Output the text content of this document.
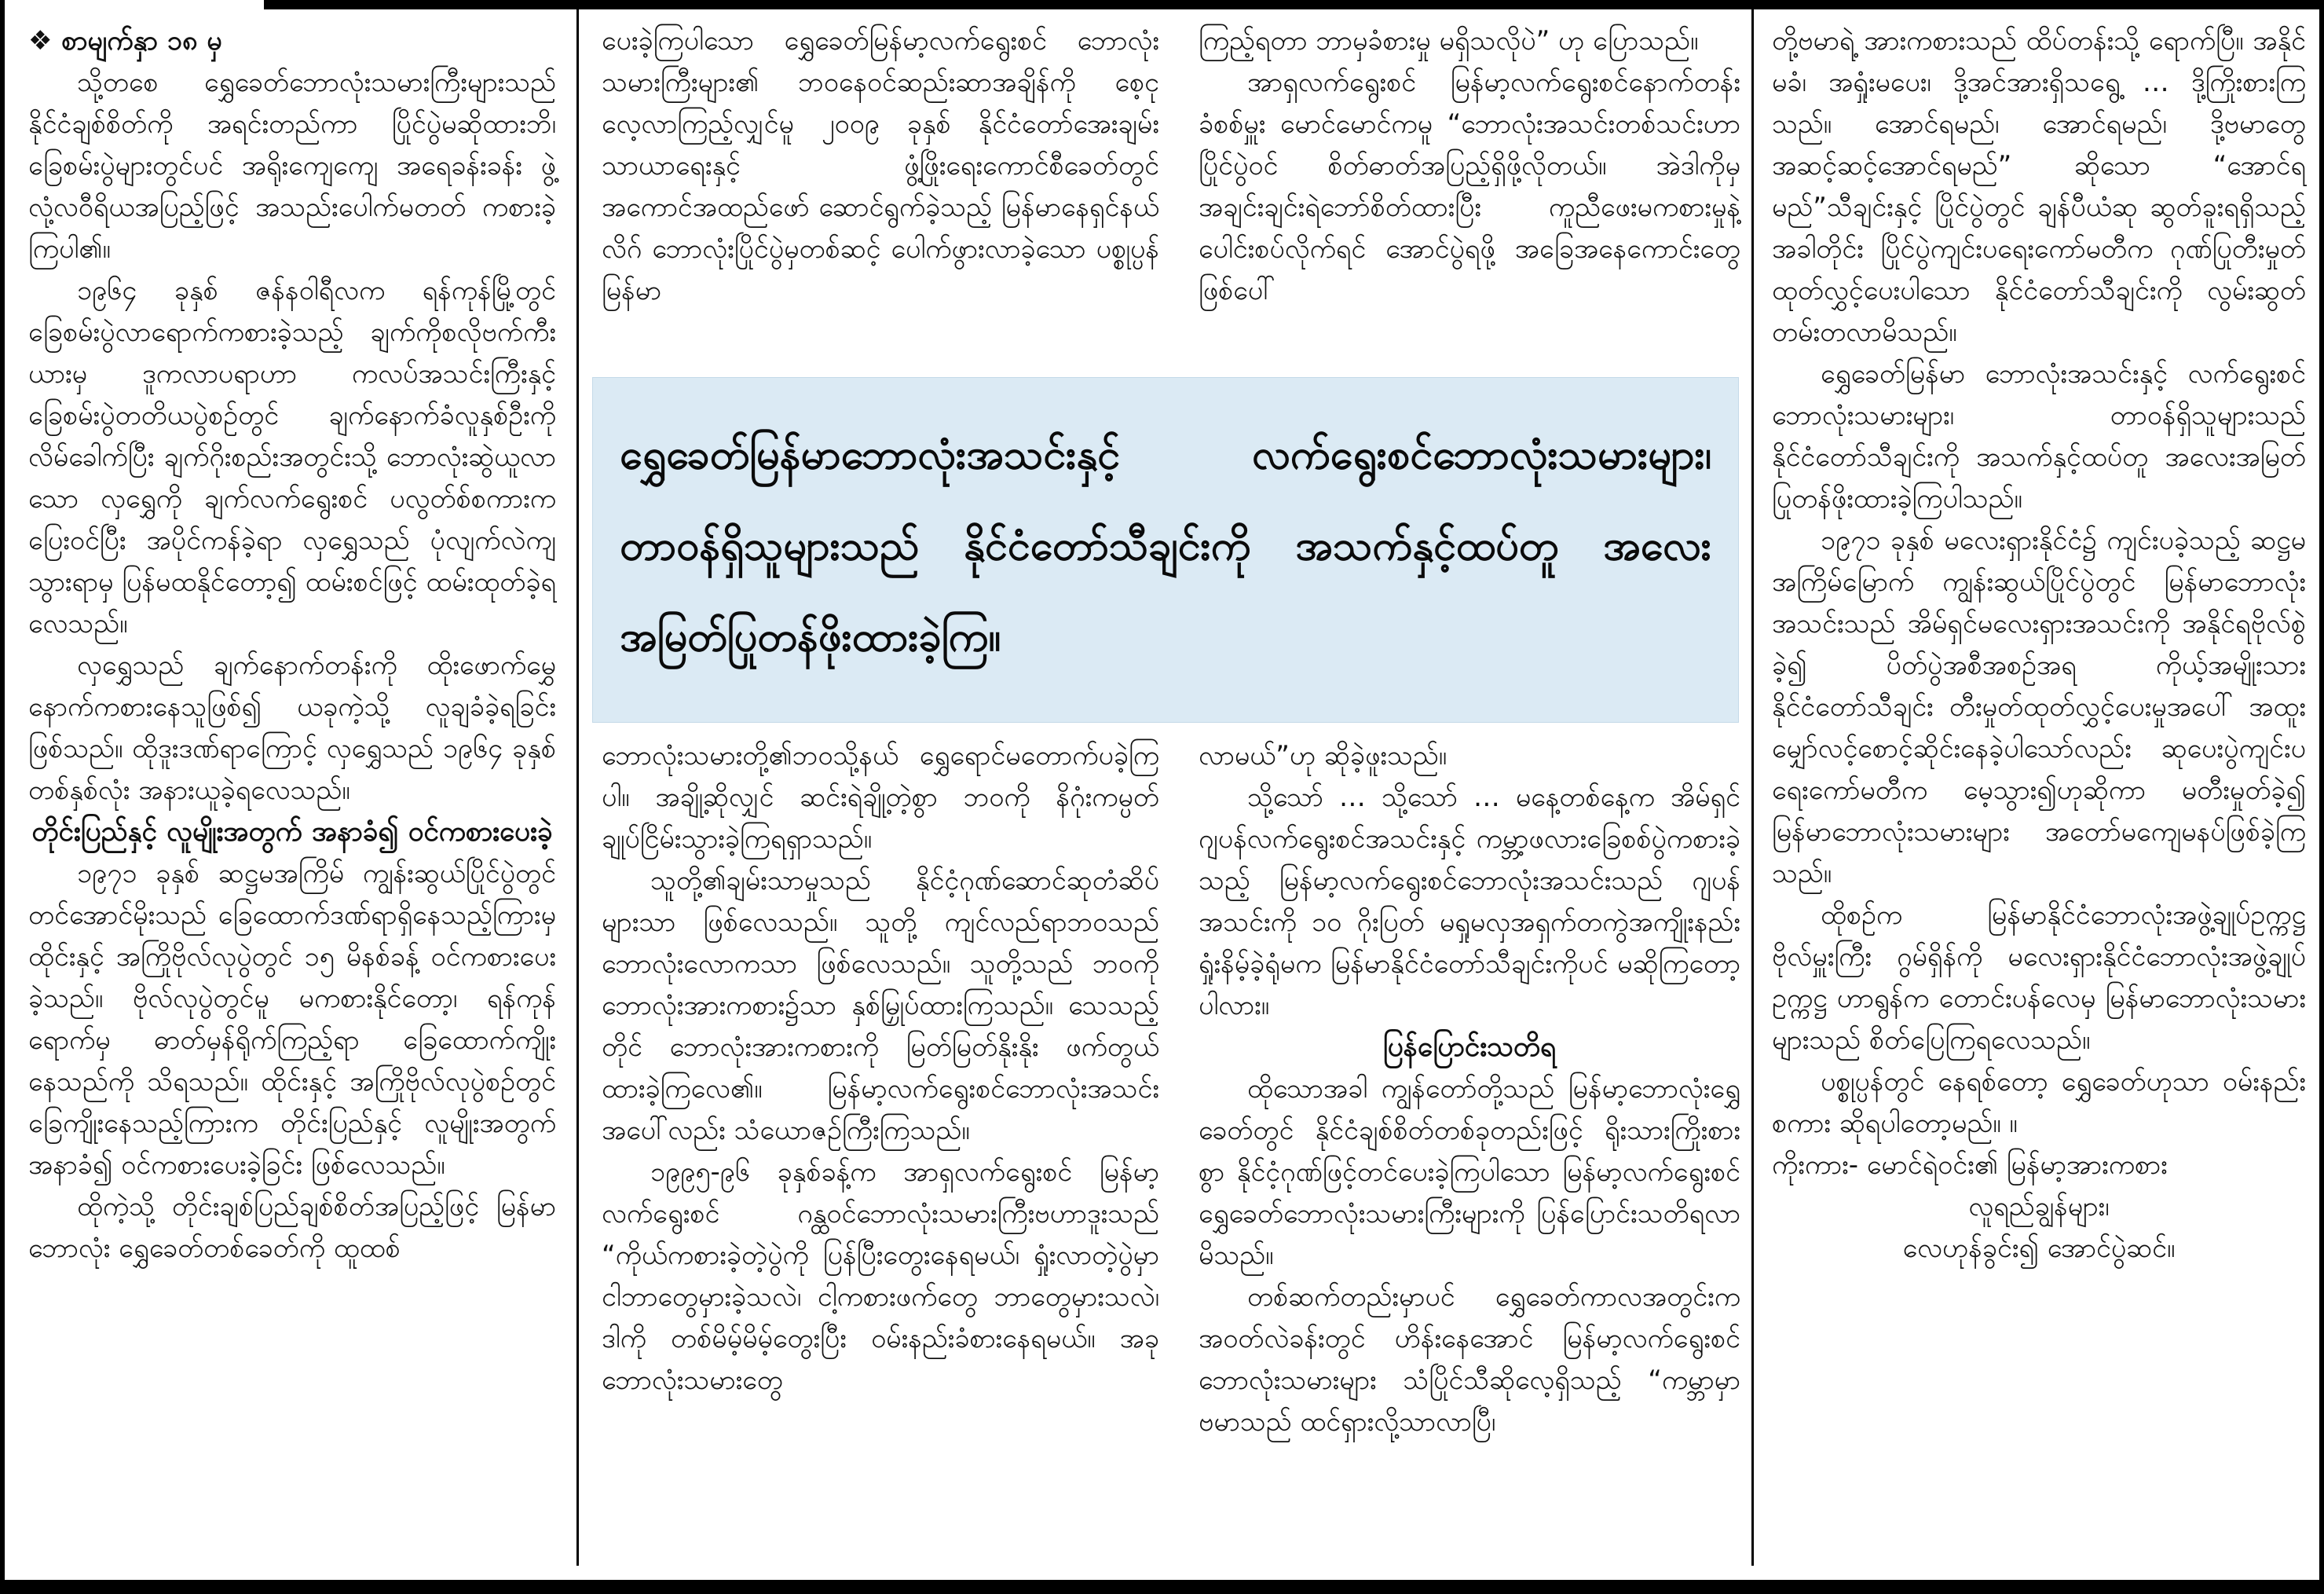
❖ စာမျက်နှာ ၁၈ မှ

သို့တစေ ရွှေခေတ်ဘောလုံးသမားကြီးများသည် နိုင်ငံချစ်စိတ်ကို အရင်းတည်ကာ ပြိုင်ပွဲမဆိုထားဘိ၊ ခြေစမ်းပွဲများတွင်ပင် အရိုးကျေကျေ အရေခန်းခန်း ဖွဲ့လုံ့လဝီရိယအပြည့်ဖြင့် အသည်းပေါက်မတတ် ကစားခဲ့ကြပါ၏။

၁၉၆၄ ခုနှစ် ဇန်နဝါရီလက ရန်ကုန်မြို့တွင် ခြေစမ်းပွဲလာရောက်ကစားခဲ့သည့် ချက်ကိုစလိုဗက်ကီးယားမှ ဒူကလာပရာဟာ ကလပ်အသင်းကြီးနှင့် ခြေစမ်းပွဲတတိယပွဲစဉ်တွင် ချက်နောက်ခံလူနှစ်ဦးကို လိမ်ခေါက်ပြီး ချက်ဂိုးစည်းအတွင်းသို့ ဘောလုံးဆွဲယူလာသော လှရွှေကို ချက်လက်ရွေးစင် ပလွတ်စ်စကားက ပြေးဝင်ပြီး အပိုင်ကန်ခဲ့ရာ လှရွှေသည် ပုံလျက်လဲကျသွားရာမှ ပြန်မထနိုင်တော့၍ ထမ်းစင်ဖြင့် ထမ်းထုတ်ခဲ့ရလေသည်။

လှရွှေသည် ချက်နောက်တန်းကို ထိုးဖောက်မွှေနောက်ကစားနေသူဖြစ်၍ ယခုကဲ့သို့ လူချခံခဲ့ရခြင်းဖြစ်သည်။ ထိုဒူးဒဏ်ရာကြောင့် လှရွှေသည် ၁၉၆၄ ခုနှစ်တစ်နှစ်လုံး အနားယူခဲ့ရလေသည်။

တိုင်းပြည်နှင့် လူမျိုးအတွက် အနာခံ၍ ဝင်ကစားပေးခဲ့

၁၉၇၁ ခုနှစ် ဆဋ္ဌမအကြိမ် ကျွန်းဆွယ်ပြိုင်ပွဲတွင် တင်အောင်မိုးသည် ခြေထောက်ဒဏ်ရာရှိနေသည့်ကြားမှ ထိုင်းနှင့် အကြိုဗိုလ်လုပွဲတွင် ၁၅ မိနစ်ခန့် ဝင်ကစားပေးခဲ့သည်။ ဗိုလ်လုပွဲတွင်မူ မကစားနိုင်တော့၊ ရန်ကုန်ရောက်မှ ဓာတ်မှန်ရိုက်ကြည့်ရာ ခြေထောက်ကျိုးနေသည်ကို သိရသည်။ ထိုင်းနှင့် အကြိုဗိုလ်လုပွဲစဉ်တွင် ခြေကျိုးနေသည့်ကြားက တိုင်းပြည်နှင့် လူမျိုးအတွက် အနာခံ၍ ဝင်ကစားပေးခဲ့ခြင်း ဖြစ်လေသည်။

ထိုကဲ့သို့ တိုင်းချစ်ပြည်ချစ်စိတ်အပြည့်ဖြင့် မြန်မာဘောလုံး ရွှေခေတ်တစ်ခေတ်ကို ထူထစ်

ပေးခဲ့ကြပါသော ရွှေခေတ်မြန်မာ့လက်ရွေးစင် ဘောလုံးသမားကြီးများ၏ ဘဝနေဝင်ဆည်းဆာအချိန်ကို စေ့ငုလေ့လာကြည့်လျှင်မူ ၂၀၀၉ ခုနှစ် နိုင်ငံတော်အေးချမ်းသာယာရေးနှင့် ဖွံ့ဖြိုးရေးကောင်စီခေတ်တွင် အကောင်အထည်ဖော် ဆောင်ရွက်ခဲ့သည့် မြန်မာနေရှင်နယ်လိဂ် ဘောလုံးပြိုင်ပွဲမှတစ်ဆင့် ပေါက်ဖွားလာခဲ့သော ပစ္စုပ္ပန်မြန်မာ

ကြည့်ရတာ ဘာမှခံစားမှု မရှိသလိုပဲ” ဟု ပြောသည်။

အာရှလက်ရွေးစင် မြန်မာ့လက်ရွေးစင်နောက်တန်းခံစစ်မှူး မောင်မောင်ကမူ “ဘောလုံးအသင်းတစ်သင်းဟာ ပြိုင်ပွဲဝင် စိတ်ဓာတ်အပြည့်ရှိဖို့လိုတယ်။ အဲဒါကိုမှ အချင်းချင်းရဲဘော်စိတ်ထားပြီး ကူညီဖေးမကစားမှုနဲ့ ပေါင်းစပ်လိုက်ရင် အောင်ပွဲရဖို့ အခြေအနေကောင်းတွေ ဖြစ်ပေါ်

ရွှေခေတ်မြန်မာဘောလုံးအသင်းနှင့် လက်ရွေးစင်ဘောလုံးသမားများ၊ တာဝန်ရှိသူများသည် နိုင်ငံတော်သီချင်းကို အသက်နှင့်ထပ်တူ အလေးအမြတ်ပြုတန်ဖိုးထားခဲ့ကြ။

ဘောလုံးသမားတို့၏ဘဝသို့နယ် ရွှေရောင်မတောက်ပခဲ့ကြပါ။ အချို့ဆိုလျှင် ဆင်းရဲချို့တဲ့စွာ ဘဝကို နိဂုံးကမ္ပတ်ချုပ်ငြိမ်းသွားခဲ့ကြရရှာသည်။

သူတို့၏ချမ်းသာမှုသည် နိုင်ငံ့ဂုဏ်ဆောင်ဆုတံဆိပ်များသာ ဖြစ်လေသည်။ သူတို့ ကျင်လည်ရာဘဝသည် ဘောလုံးလောကသာ ဖြစ်လေသည်။ သူတို့သည် ဘဝကို ဘောလုံးအားကစား၌သာ နှစ်မြှုပ်ထားကြသည်။ သေသည့်တိုင် ဘောလုံးအားကစားကို မြတ်မြတ်နိုးနိုး ဖက်တွယ်ထားခဲ့ကြလေ၏။ မြန်မာ့လက်ရွေးစင်ဘောလုံးအသင်းအပေါ်လည်း သံယောဇဉ်ကြီးကြသည်။

၁၉၉၅-၉၆ ခုနှစ်ခန့်က အာရှလက်ရွေးစင် မြန်မာ့လက်ရွေးစင် ဂန္ထဝင်ဘောလုံးသမားကြီးဗဟာဒူးသည် “ကိုယ်ကစားခဲ့တဲ့ပွဲကို ပြန်ပြီးတွေးနေရမယ်၊ ရှုံးလာတဲ့ပွဲမှာ ငါဘာတွေမှားခဲ့သလဲ၊ ငါ့ကစားဖက်တွေ ဘာတွေမှားသလဲ၊ ဒါကို တစ်မိမ့်မိမ့်တွေးပြီး ဝမ်းနည်းခံစားနေရမယ်။ အခုဘောလုံးသမားတွေ

လာမယ်”ဟု ဆိုခဲ့ဖူးသည်။

သို့သော် … သို့သော် … မနေ့တစ်နေ့က အိမ်ရှင်ဂျပန်လက်ရွေးစင်အသင်းနှင့် ကမ္ဘာ့ဖလားခြေစစ်ပွဲကစားခဲ့သည့် မြန်မာ့လက်ရွေးစင်ဘောလုံးအသင်းသည် ဂျပန်အသင်းကို ၁၀ ဂိုးပြတ် မရှုမလှအရှက်တကွဲအကျိုးနည်း ရှုံးနိမ့်ခဲ့ရုံမက မြန်မာနိုင်ငံတော်သီချင်းကိုပင် မဆိုကြတော့ပါလား။

ပြန်ပြောင်းသတိရ

ထိုသောအခါ ကျွန်တော်တို့သည် မြန်မာ့ဘောလုံးရွှေခေတ်တွင် နိုင်ငံချစ်စိတ်တစ်ခုတည်းဖြင့် ရိုးသားကြိုးစားစွာ နိုင်ငံ့ဂုဏ်ဖြင့်တင်ပေးခဲ့ကြပါသော မြန်မာ့လက်ရွေးစင် ရွှေခေတ်ဘောလုံးသမားကြီးများကို ပြန်ပြောင်းသတိရလာမိသည်။

တစ်ဆက်တည်းမှာပင် ရွှေခေတ်ကာလအတွင်းက အဝတ်လဲခန်းတွင် ဟိန်းနေအောင် မြန်မာ့လက်ရွေးစင်ဘောလုံးသမားများ သံပြိုင်သီဆိုလေ့ရှိသည့် “ကမ္ဘာမှာ ဗမာသည် ထင်ရှားလို့သာလာပြီ၊

တို့ဗမာရဲ့ အားကစားသည် ထိပ်တန်းသို့ ရောက်ပြီ။ အနိုင်မခံ၊ အရှုံးမပေး၊ ဒို့အင်အားရှိသရွေ့ … ဒို့ကြိုးစားကြသည်။ အောင်ရမည်၊ အောင်ရမည်၊ ဒို့ဗမာတွေ အဆင့်ဆင့်အောင်ရမည်” ဆိုသော “အောင်ရမည်”သီချင်းနှင့် ပြိုင်ပွဲတွင် ချန်ပီယံဆု ဆွတ်ခူးရရှိသည့်အခါတိုင်း ပြိုင်ပွဲကျင်းပရေးကော်မတီက ဂုဏ်ပြုတီးမှုတ်ထုတ်လွှင့်ပေးပါသော နိုင်ငံတော်သီချင်းကို လွမ်းဆွတ်တမ်းတလာမိသည်။

ရွှေခေတ်မြန်မာ ဘောလုံးအသင်းနှင့် လက်ရွေးစင်ဘောလုံးသမားများ၊ တာဝန်ရှိသူများသည် နိုင်ငံတော်သီချင်းကို အသက်နှင့်ထပ်တူ အလေးအမြတ်ပြုတန်ဖိုးထားခဲ့ကြပါသည်။

၁၉၇၁ ခုနှစ် မလေးရှားနိုင်ငံ၌ ကျင်းပခဲ့သည့် ဆဋ္ဌမအကြိမ်မြောက် ကျွန်းဆွယ်ပြိုင်ပွဲတွင် မြန်မာဘောလုံးအသင်းသည် အိမ်ရှင်မလေးရှားအသင်းကို အနိုင်ရဗိုလ်စွဲခဲ့၍ ပိတ်ပွဲအစီအစဉ်အရ ကိုယ့်အမျိုးသားနိုင်ငံတော်သီချင်း တီးမှုတ်ထုတ်လွှင့်ပေးမှုအပေါ် အထူးမျှော်လင့်စောင့်ဆိုင်းနေခဲ့ပါသော်လည်း ဆုပေးပွဲကျင်းပရေးကော်မတီက မေ့သွား၍ဟုဆိုကာ မတီးမှုတ်ခဲ့၍ မြန်မာဘောလုံးသမားများ အတော်မကျေမနပ်ဖြစ်ခဲ့ကြသည်။

ထိုစဉ်က မြန်မာနိုင်ငံဘောလုံးအဖွဲ့ချုပ်ဥက္ကဋ္ဌ ဗိုလ်မှူးကြီး ဂွမ်ရှိန်ကို မလေးရှားနိုင်ငံဘောလုံးအဖွဲ့ချုပ်ဥက္ကဋ္ဌ ဟာရွန်က တောင်းပန်လေမှ မြန်မာဘောလုံးသမားများသည် စိတ်ပြေကြရလေသည်။

ပစ္စုပ္ပန်တွင် နေရစ်တော့ ရွှေခေတ်ဟုသာ ဝမ်းနည်းစကား ဆိုရပါတော့မည်။ ။

ကိုးကား- မောင်ရဲဝင်း၏ မြန်မာ့အားကစား
လူရည်ချွန်များ၊
လေဟုန်ခွင်း၍ အောင်ပွဲဆင်။
